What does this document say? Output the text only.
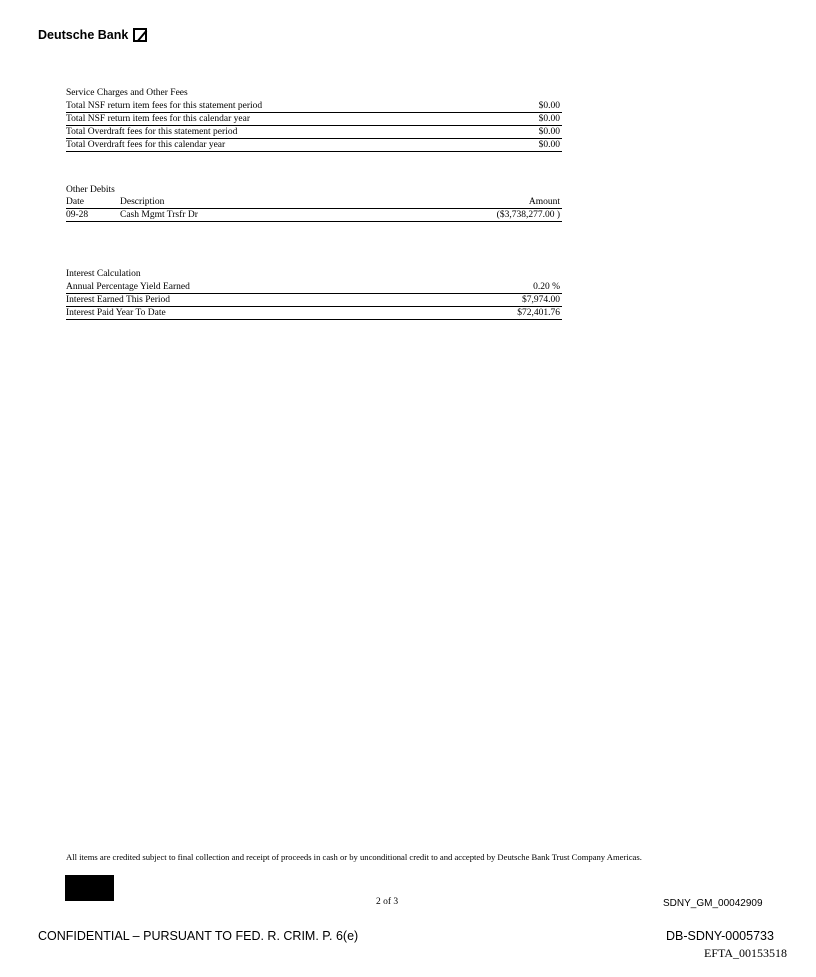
Deutsche Bank
Service Charges and Other Fees
Total NSF return item fees for this statement period	$0.00
Total NSF return item fees for this calendar year	$0.00
Total Overdraft fees for this statement period	$0.00
Total Overdraft fees for this calendar year	$0.00
Other Debits
Date	Description	Amount
09-28	Cash Mgmt Trsfr Dr	($3,738,277.00 )
Interest Calculation
Annual Percentage Yield Earned	0.20 %
Interest Earned This Period	$7,974.00
Interest Paid Year To Date	$72,401.76
All items are credited subject to final collection and receipt of proceeds in cash or by unconditional credit to and accepted by Deutsche Bank Trust Company Americas.
2 of 3	SDNY_GM_00042909
CONFIDENTIAL – PURSUANT TO FED. R. CRIM. P. 6(e)	DB-SDNY-0005733
EFTA_00153518
